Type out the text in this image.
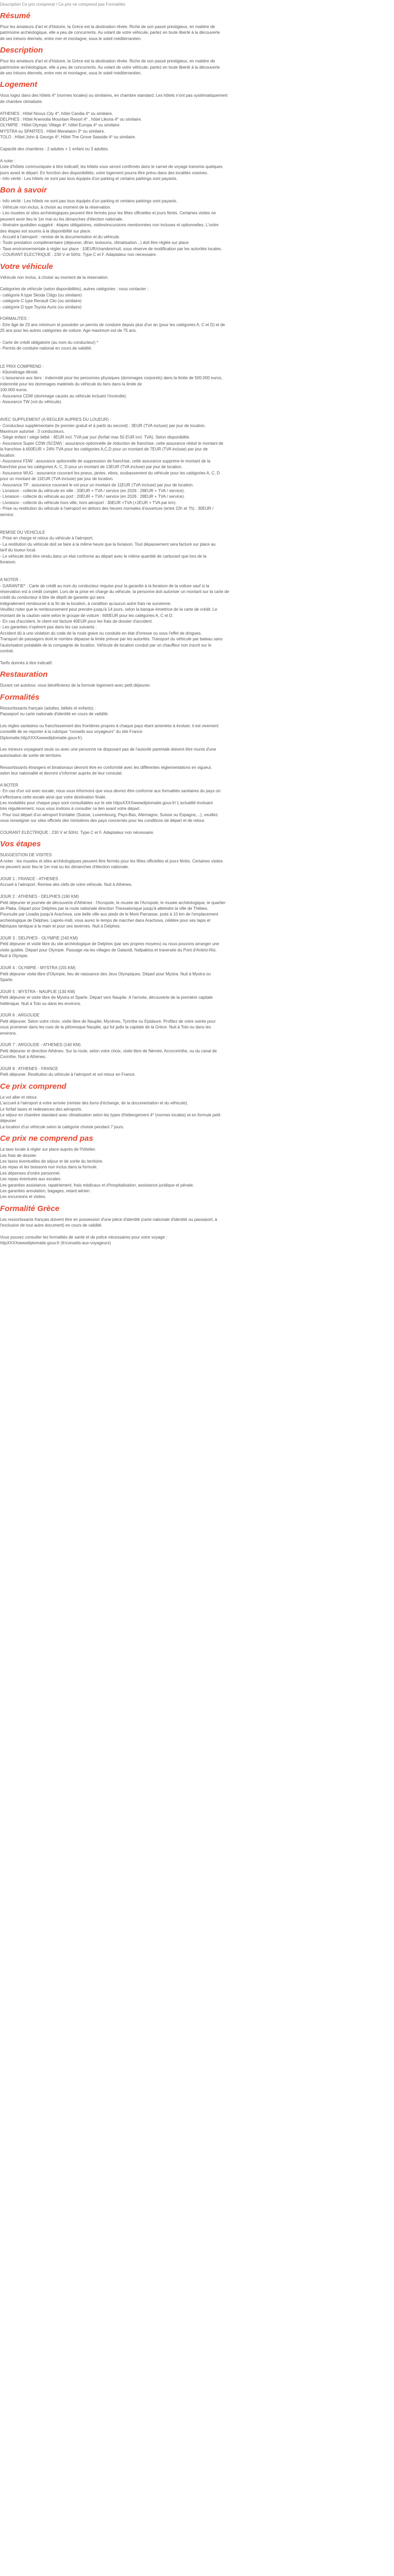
Description Ce prix comprend / Ce prix ne comprend pas Formalités
Résumé
Pour les amateurs d'art et d'histoire, la Grèce est la destination rêvée. Riche de son passé prestigieux, en matière de
patrimoine archéologique, elle a peu de concurrents. Au volant de votre véhicule, partez en toute liberté à la découverte
de ses trésors éternels, entre mer et montagne, sous le soleil méditerranéen.
Description
Pour les amateurs d'art et d'histoire, la Grèce est la destination rêvée. Riche de son passé prestigieux, en matière de
patrimoine archéologique, elle a peu de concurrents. Au volant de votre véhicule, partez en toute liberté à la découverte
de ses trésors éternels, entre mer et montagne, sous le soleil méditerranéen.
Logement
Vous logez dans des hôtels 4* (normes locales) ou similaires, en chambre standard. Les hôtels n'ont pas systématiquement
de chambre climatisée.
ATHENES : Hôtel Novus City 4*, hôtel Candia 4* ou similaire.
DELPHES : Hôtel Anemolia Mountain Resort 4* , hôtel Likoria 4* ou similaire.
OLYMPIE : Hôtel Olympic Village 4*, hôtel Europa 4* ou similaire.
MYSTRA ou SPARTES : Hôtel Menelaion 3* ou similaire.
TOLO : Hôtel John & George 4*, Hôtel The Grove Seaside 4* ou similaire.
Capacité des chambres : 2 adultes + 1 enfant ou 3 adultes.
A noter :
Liste d'hôtels communiquée à titre indicatif, les hôtels vous seront confirmés dans le carnet de voyage transmis quelques
jours avant le départ. En fonction des disponibilités, votre logement pourra être prévu dans des localités voisines.
- Info vérité : Les hôtels ne sont pas tous équipés d'un parking et certains parkings sont payants.
Bon à savoir
- Info vérité : Les hôtels ne sont pas tous équipés d'un parking et certains parkings sont payants.
- Véhicule non inclus, à choisir au moment de la réservation.
- Les musées et sites archéologiques peuvent être fermés pour les fêtes officielles et jours fériés. Certaines visites ne
peuvent avoir lieu le 1er mai ou les dimanches d'élection nationale.
- Itinéraire quotidien suggéré : étapes obligatoires, visites/excursions mentionnées non incluses et optionnelles. L'ordre
des étapes est soumis à la disponibilité sur place.
- Accueil à l'aéroport : remise de la documentation et du véhicule.
- Toute prestation complémentaire (déjeuner, dîner, boissons, climatisation...) doit être réglée sur place.
- Taxe environnementale à régler sur place : 10EUR/chambre/nuit, sous réserve de modification par les autorités locales.
- COURANT ELECTRIQUE : 230 V et 50Hz. Type C et F. Adaptateur non nécessaire.
Votre véhicule
Véhicule non inclus, à choisir au moment de la réservation.
Catégories de véhicule (selon disponibilités), autres catégories : nous contacter :
- catégorie A type Skoda Citigo (ou similaire)
- catégorie C type Renault Clio (ou similaire)
- catégorie D type Toyota Auris (ou similaire)
FORMALITES :
- Etre âgé de 23 ans minimum et posséder un permis de conduire depuis plus d'un an (pour les catégories A, C et D) et de
25 ans pour les autres catégories de voiture. Age maximum est de 75 ans.
- Carte de crédit obligatoire (au nom du conducteur) *
- Permis de conduire national en cours de validité.
LE PRIX COMPREND :
- Kilométrage illimité.
- L'assurance aux tiers : indemnité pour les personnes physiques (dommages corporels) dans la limite de 500.000 euros,
indemnité pour les dommages matériels du véhicule du tiers dans la limite de
100.000 euros.
- Assurance CDW (dommage causés au véhicule incluant l'incendie).
- Assurance TW (vol du véhicule).
AVEC SUPPLEMENT (A REGLER AUPRES DU LOUEUR) :
- Conducteur supplémentaire (le premier gratuit et à partir du second) : 3EUR (TVA incluse) par jour de location.
Maximum autorisé : 3 conducteurs.
- Siège enfant / siège bébé : 4EUR incl. TVA par jour (forfait max 50 EUR incl. TVA). Selon disponibilité.
- Assurance Super CDW (SCDW) : assurance optionnelle de réduction de franchise, cette assurance réduit le montant de
la franchise à 600EUR + 24% TVA pour les catégories A,C,D pour un montant de 7EUR (TVA incluse) par jour de
location.
- Assurance FDW : assurance optionnelle de suppression de franchise, cette assurance supprime le montant de la
franchise pour les catégories A, C, D pour un montant de 13EUR (TVA incluse) par jour de location.
- Assurance WUG : assurance couvrant les pneus, jantes, vitres, soubassement du véhicule pour les catégories A, C, D
pour un montant de 11EUR (TVA incluse) par jour de location.
- Assurance TP : assurance couvrant le vol pour un montant de 11EUR (TVA incluse) par jour de location.
- Livraison - collecte du véhicule en ville : 20EUR + TVA / service (en 2026 : 28EUR + TVA / service).
- Livraison - collecte du véhicule au port : 20EUR + TVA / service (en 2026 : 28EUR + TVA / service).
- Livraison - collecte du véhicule hors ville, hors aéroport : 30EUR +TVA (+2EUR + TVA par km).
- Prise ou restitution du véhicule à l'aéroport en dehors des heures normales d'ouverture (entre 22h et 7h) : 30EUR /
service.
REMISE DU VEHICULE
- Prise en charge et retour du véhicule à l'aéroport.
- La restitution du véhicule doit se faire à la même heure que la livraison. Tout dépassement sera facturé sur place au
tarif du loueur local.
- Le véhicule doit être rendu dans un état conforme au départ avec le même quantité de carburant que lors de la
livraison.
A NOTER :
- GARANTIE* : Carte de crédit au nom du conducteur requise pour la garantie à la livraison de la voiture sauf si la
réservation est à crédit complet. Lors de la prise en charge du véhicule, la personne doit autoriser un montant sur la carte de
crédit du conducteur à titre de dépôt de garantie qui sera
intégralement remboursé à la fin de la location, à condition qu'aucun autre frais ne survienne.
Veuillez noter que le remboursement peut prendre jusqu'à 14 jours, selon la banque émettrice de la carte de crédit. Le
montant de la caution varie selon le groupe de voiture : 600EUR pour les catégories A, C et D.
- En cas d'accident, le client est facturé 40EUR pour les frais de dossier d'accident.
- Les garanties n'opèrent pas dans les cas suivants :
Accident dû à une violation du code de la route grave ou conduite en état d'ivresse ou sous l'effet de drogues.
Transport de passagers dont le nombre dépasse la limite prévue par les autorités. Transport du véhicule par bateau sans
l'autorisation préalable de la compagnie de location. Véhicule de location conduit par un chauffeur non inscrit sur le
contrat.
Tarifs donnés à titre indicatif.
Restauration
Durant cet autotour, vous bénéficierez de la formule logement avec petit déjeuner.
Formalités
Ressortissants français (adultes, bébés et enfants) :
Passeport ou carte nationale d'identité en cours de validité.
Les règles sanitaires ou franchissement des frontières propres à chaque pays étant amenées à évoluer, il est vivement
conseillé de se reporter à la rubrique "conseils aux voyageurs" du site France
Diplomatie,httpXXXXwwwdiplomatie.gouv.fr).
Les mineurs voyageant seuls ou avec une personne ne disposant pas de l'autorité parentale doivent être munis d'une
autorisation de sortie de territoire.
Ressortissants étrangers et binationaux devront être en conformité avec les différentes réglementations en vigueur,
selon leur nationalité et devront s'informer auprès de leur consulat.
A NOTER
- En cas d'un vol avec escale, nous vous informons que vous devrez être conforme aux formalités sanitaires du pays où
s'effectuera cette escale ainsi que votre destination finale.
Les modalités pour chaque pays sont consultables sur le site httpsXXXXwwwdiplomatie.gouv.fr/ L'actualité évoluant
très régulièrement, nous vous invitons à consulter ce lien avant votre départ.
- Pour tout départ d'un aéroport frontalier (Suisse, Luxembourg, Pays-Bas, Allemagne, Suisse ou Espagne,...), veuillez
vous renseigner sur sites officiels des ministères des pays concernés pour les conditions de départ et de retour.
COURANT ELECTRIQUE : 230 V et 50Hz. Type C et F. Adaptateur non nécessaire.
Vos étapes
SUGGESTION DE VISITES
A noter : les musées et sites archéologiques peuvent être fermés pour les fêtes officielles et jours fériés. Certaines visites
ne peuvent avoir lieu le 1er mai ou les dimanches d'élection nationale.
JOUR 1 : FRANCE - ATHENES
Accueil à l'aéroport. Remise des clefs de votre véhicule. Nuit à Athènes.
JOUR 2 : ATHENES - DELPHES (190 KM)
Petit déjeuner et journée de découverte d'Athènes : l'Acropole, le musée de l'Acropole, le musée archéologique, le quartier
de Plaka. Départ pour Delphes par la route nationale direction Thessalonique jusqu'à atteindre la ville de Thèbes.
Poursuite par Livadia jusqu'à Arachova, une belle ville aux pieds de le Mont Parnasse, juste à 10 km de l'emplacement
archéologique de Delphes. Laprès-midi, vous aurez le temps de marcher dans Arachova, célèbre pour ses tapis et
fabriques tantique à la main et pour ses tavernes. Nuit à Delphes.
JOUR 3 : DELPHES - OLYMPIE (240 KM)
Petit déjeuner et visite libre du site archéologique de Delphes (par ses propres moyens) ou nous pouvons arranger une
visite guidée. Départ pour Olympie. Passage via les villages de Galaxidi, Nafpaktos et traversée du Pont d'Antirio-Rio.
Nuit à Olympie.
JOUR 4 : OLYMPIE - MYSTRA (155 KM)
Petit déjeuner visite libre d'Olympie, lieu de naissance des Jeux Olympiques. Départ pour Mystra. Nuit à Mystra ou
Sparte.
JOUR 5 : MYSTRA - NAUPLIE (130 KM)
Petit déjeuner et visite libre de Mystra et Sparte. Départ vers Nauplie. A l'arrivée, découverte de la première capitale
hellénique. Nuit à Tolo ou dans les environs.
JOUR 6 : ARGOLIDE
Petit déjeuner. Selon votre choix, visite libre de Nauplie, Mycènes, Tyrinthe ou Epidaure. Profitez de votre soirée pour
vous promener dans les rues de la pittoresque Nauplie, qui fut jadis la capitale de la Grèce. Nuit à Tolo ou dans les
environs.
JOUR 7 : ARGOLIDE - ATHENES (140 KM)
Petit déjeuner et direction Athènes. Sur la route, selon votre choix, visite libre de Némée, Acrocorinthe, ou du canal de
Corinthe. Nuit à Athènes.
JOUR 8 : ATHENES - FRANCE
Petit déjeuner. Restitution du véhicule à l'aéroport et vol retour en France.
Ce prix comprend
Le vol aller et retour.
L'accueil à l'aéroport à votre arrivée (remise des bons d'échange, de la documentation et du véhicule).
Le forfait taxes et redevances des aéroports.
Le séjour en chambre standard avec climatisation selon les types d'hébergement 4* (normes locales) et en formule petit
déjeuner
La location d'un véhicule selon la catégorie choisie pendant 7 jours.
Ce prix ne comprend pas
La taxe locale à régler sur place auprès de l'hôtelier.
Les frais de dossier.
Les taxes éventuelles de séjour et de sortie du territoire.
Les repas et les boissons non inclus dans la formule.
Les dépenses d'ordre personnel.
Les repas éventuels aux escales.
Les garanties assistance, rapatriement, frais médicaux et d'hospitalisation, assistance juridique et pénale.
Les garanties annulation, bagages, retard aérien.
Les excursions et visites.
Formalité Grèce
Les ressortissants français doivent être en possession d'une pièce d'identité (carte nationale d'identité ou passeport, à
l'exclusion de tout autre document) en cours de validité.
Vous pouvez consulter les formalités de santé et de police nécessaires pour votre voyage :
httpXXXXwwwdiplomatie.gouv.fr (fr/conseils-aux-voyageurs)
